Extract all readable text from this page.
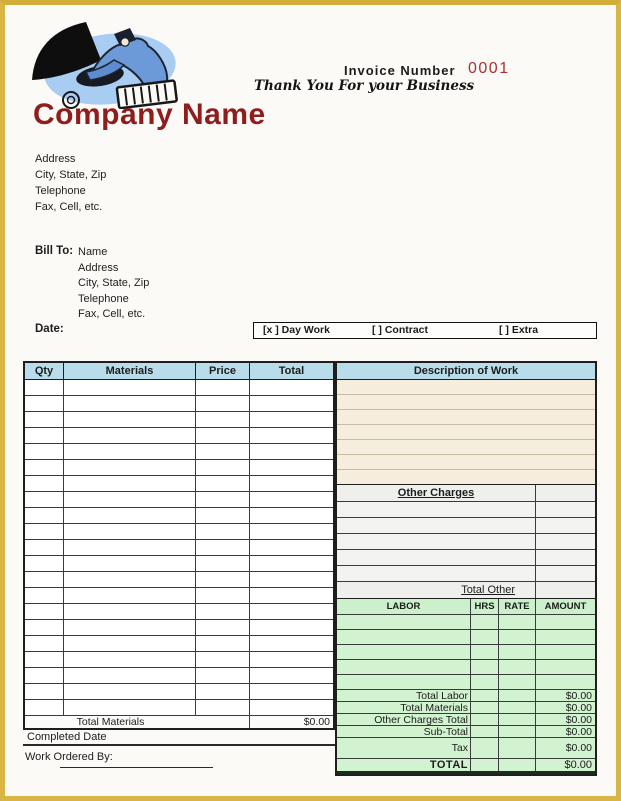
Invoice Number 0001
Thank You For your Business
Company Name
Address
City, State, Zip
Telephone
Fax, Cell, etc.
Bill To: Name
Address
City, State, Zip
Telephone
Fax, Cell, etc.
Date:	[x ] Day Work	[ ] Contract	[ ] Extra
Qty	Materials	Price	Total
Total Materials	$0.00
Description of Work
Other Charges
Total Other
LABOR	HRS	RATE	AMOUNT
Total Labor	$0.00
Total Materials	$0.00
Other Charges Total	$0.00
Sub-Total	$0.00
Tax	$0.00
TOTAL	$0.00
Completed Date
Work Ordered By:
